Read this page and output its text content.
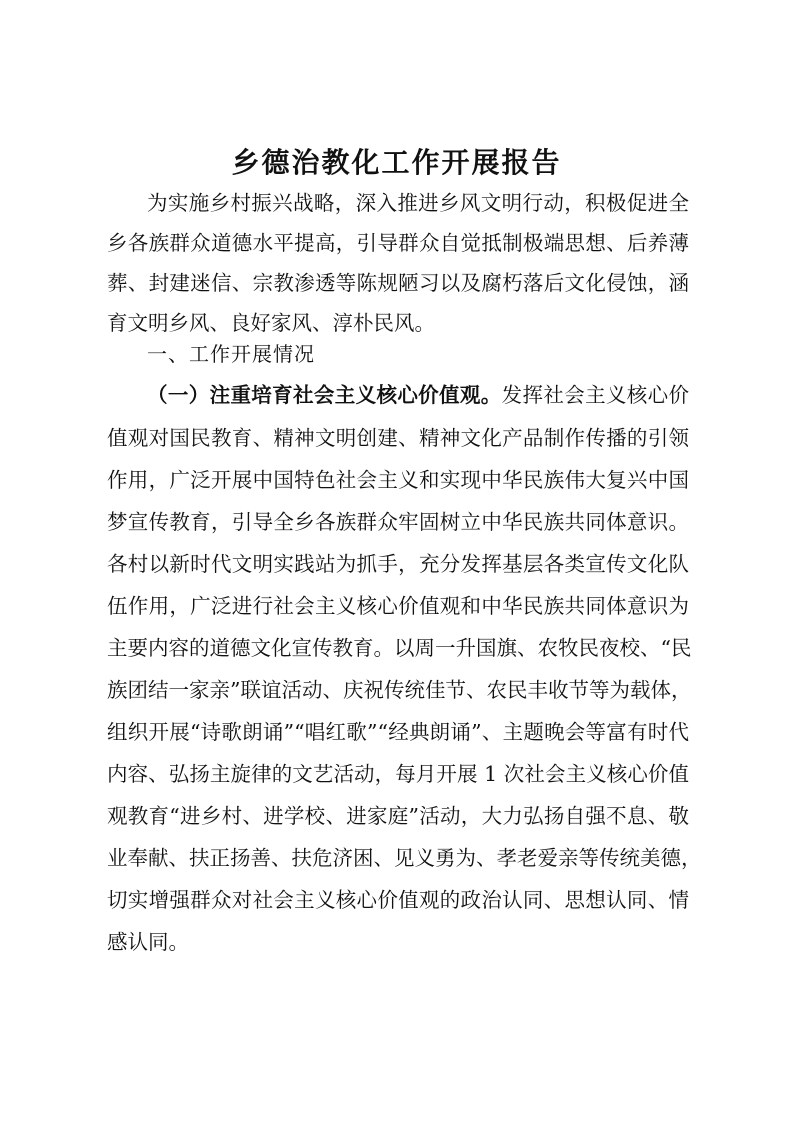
乡德治教化工作开展报告

为实施乡村振兴战略，深入推进乡风文明行动，积极促进全

乡各族群众道德水平提高，引导群众自觉抵制极端思想、后养薄

葬、封建迷信、宗教渗透等陈规陋习以及腐朽落后文化侵蚀，涵

育文明乡风、良好家风、淳朴民风。

一、工作开展情况

（一）注重培育社会主义核心价值观。发挥社会主义核心价

值观对国民教育、精神文明创建、精神文化产品制作传播的引领

作用，广泛开展中国特色社会主义和实现中华民族伟大复兴中国

梦宣传教育，引导全乡各族群众牢固树立中华民族共同体意识。

各村以新时代文明实践站为抓手，充分发挥基层各类宣传文化队

伍作用，广泛进行社会主义核心价值观和中华民族共同体意识为

主要内容的道德文化宣传教育。以周一升国旗、农牧民夜校、“民

族团结一家亲”联谊活动、庆祝传统佳节、农民丰收节等为载体，

组织开展“诗歌朗诵”“唱红歌”“经典朗诵”、主题晚会等富有时代

内容、弘扬主旋律的文艺活动，每月开展 1 次社会主义核心价值

观教育“进乡村、进学校、进家庭”活动，大力弘扬自强不息、敬

业奉献、扶正扬善、扶危济困、见义勇为、孝老爱亲等传统美德，

切实增强群众对社会主义核心价值观的政治认同、思想认同、情

感认同。
